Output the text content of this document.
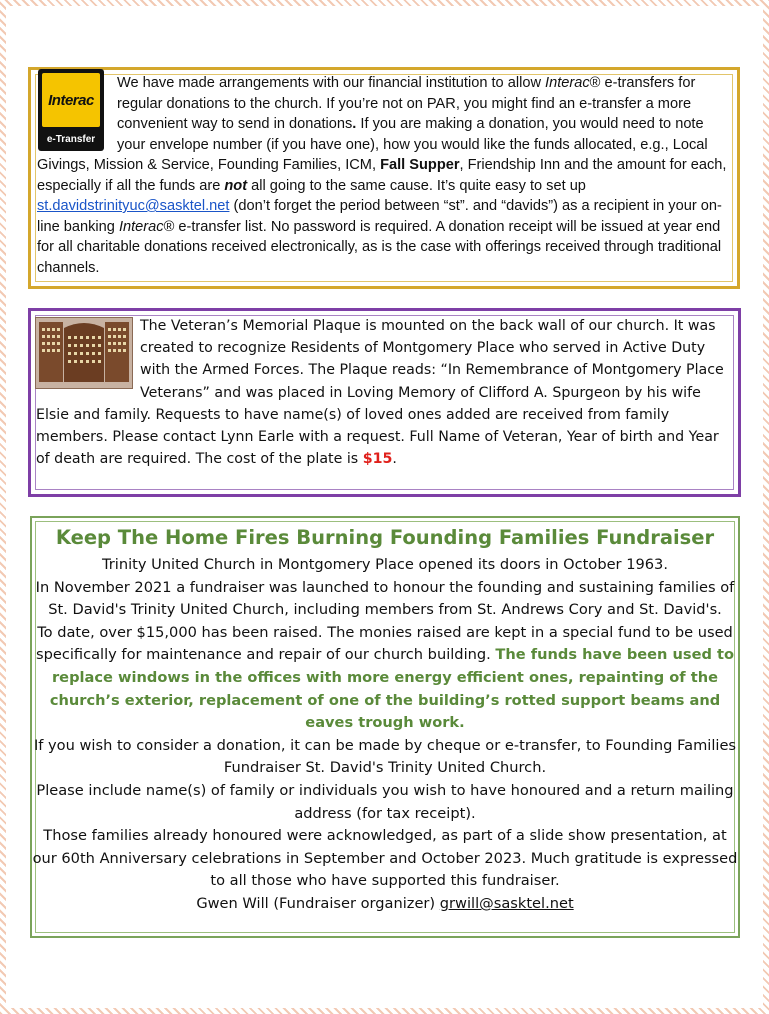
Interac
e-Transfer
We have made arrangements with our financial institution to allow Interac® e-transfers for regular donations to the church. If you’re not on PAR, you might find an e-transfer a more convenient way to send in donations. If you are making a donation, you would need to note your envelope number (if you have one), how you would like the funds allocated, e.g., Local Givings, Mission & Service, Founding Families, ICM, Fall Supper, Friendship Inn and the amount for each, especially if all the funds are not all going to the same cause. It’s quite easy to set up st.davidstrinityuc@sasktel.net (don’t forget the period between “st”. and “davids”) as a recipient in your on-line banking Interac® e-transfer list. No password is required. A donation receipt will be issued at year end for all charitable donations received electronically, as is the case with offerings received through traditional channels.
The Veteran’s Memorial Plaque is mounted on the back wall of our church. It was created to recognize Residents of Montgomery Place who served in Active Duty with the Armed Forces. The Plaque reads: “In Remembrance of Montgomery Place Veterans” and was placed in Loving Memory of Clifford A. Spurgeon by his wife Elsie and family. Requests to have name(s) of loved ones added are received from family members. Please contact Lynn Earle with a request. Full Name of Veteran, Year of birth and Year of death are required. The cost of the plate is $15.
Keep The Home Fires Burning Founding Families Fundraiser

Trinity United Church in Montgomery Place opened its doors in October 1963.

In November 2021 a fundraiser was launched to honour the founding and sustaining families of St. David's Trinity United Church, including members from St. Andrews Cory and St. David's.

To date, over $15,000 has been raised. The monies raised are kept in a special fund to be used specifically for maintenance and repair of our church building. The funds have been used to replace windows in the offices with more energy efficient ones, repainting of the church’s exterior, replacement of one of the building’s rotted support beams and eaves trough work.

If you wish to consider a donation, it can be made by cheque or e-transfer, to Founding Families Fundraiser St. David's Trinity United Church.

Please include name(s) of family or individuals you wish to have honoured and a return mailing address (for tax receipt).

Those families already honoured were acknowledged, as part of a slide show presentation, at our 60th Anniversary celebrations in September and October 2023. Much gratitude is expressed to all those who have supported this fundraiser.

Gwen Will (Fundraiser organizer) grwill@sasktel.net
